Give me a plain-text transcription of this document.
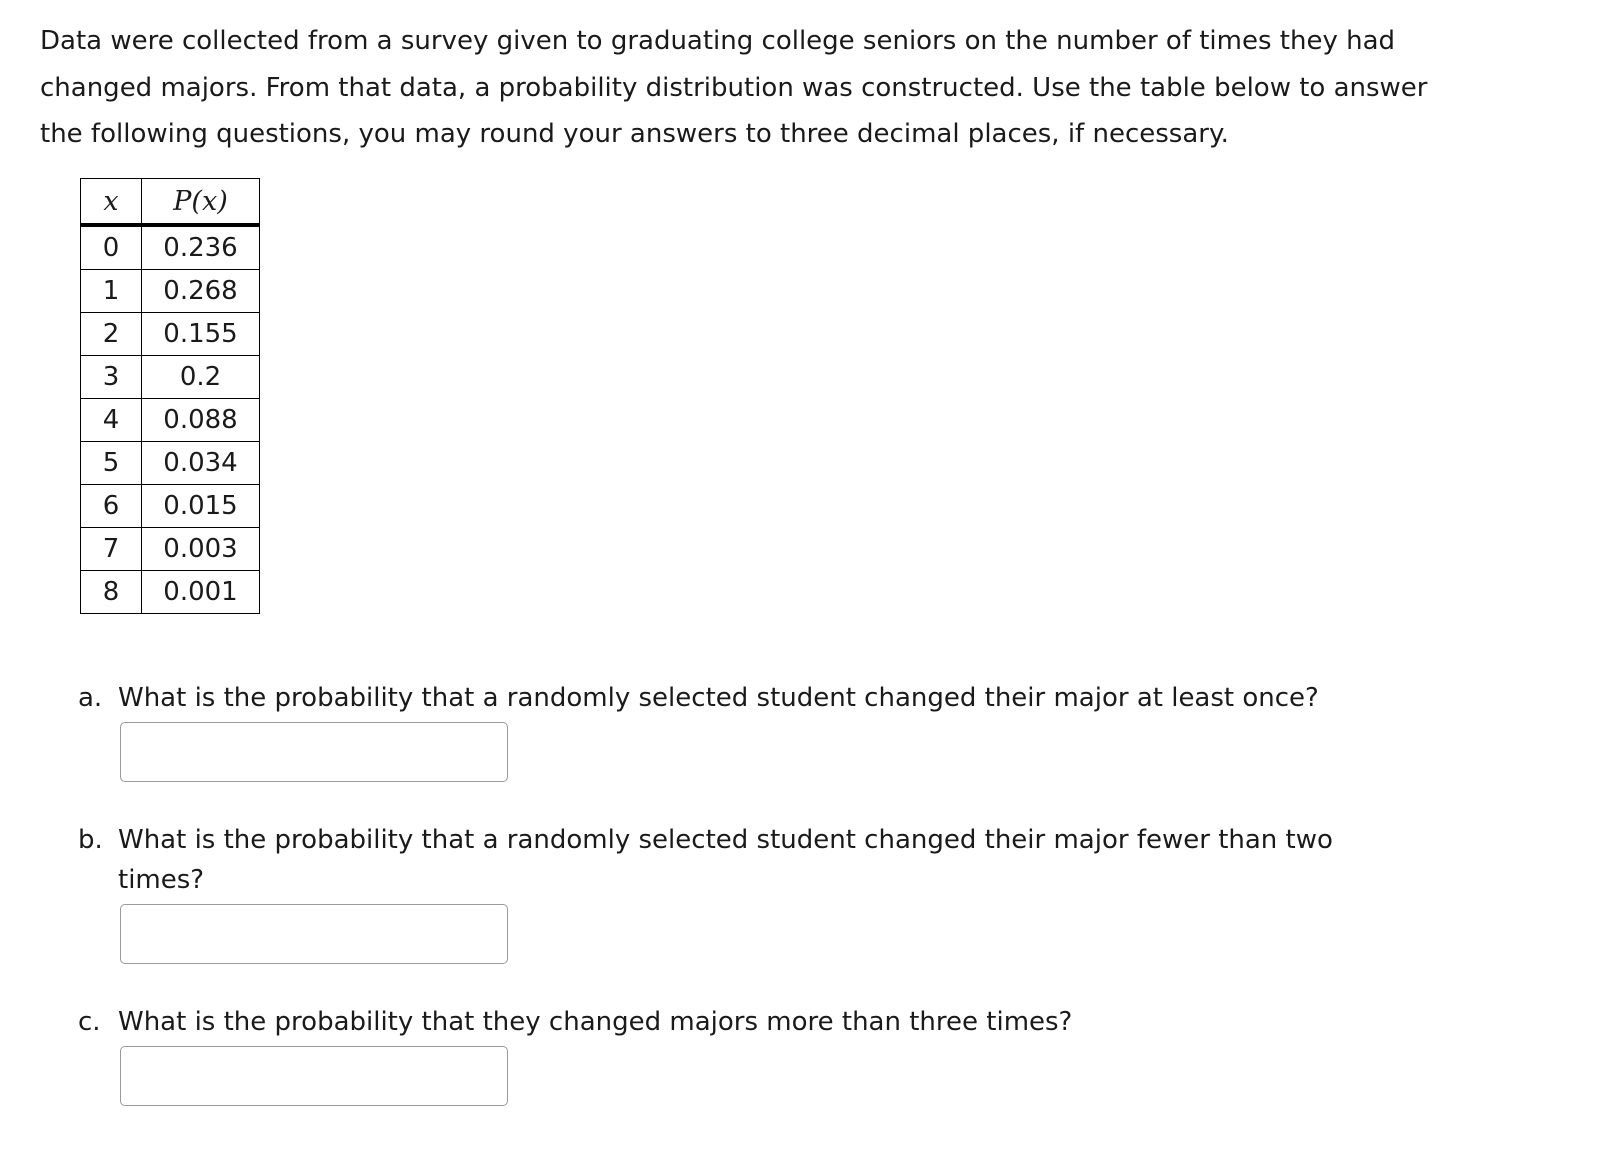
Data were collected from a survey given to graduating college seniors on the number of times they had changed majors. From that data, a probability distribution was constructed. Use the table below to answer the following questions, you may round your answers to three decimal places, if necessary.

x	P(x)
0	0.236
1	0.268
2	0.155
3	0.2
4	0.088
5	0.034
6	0.015
7	0.003
8	0.001
a. What is the probability that a randomly selected student changed their major at least once?
b. What is the probability that a randomly selected student changed their major fewer than two times?
c. What is the probability that they changed majors more than three times?
